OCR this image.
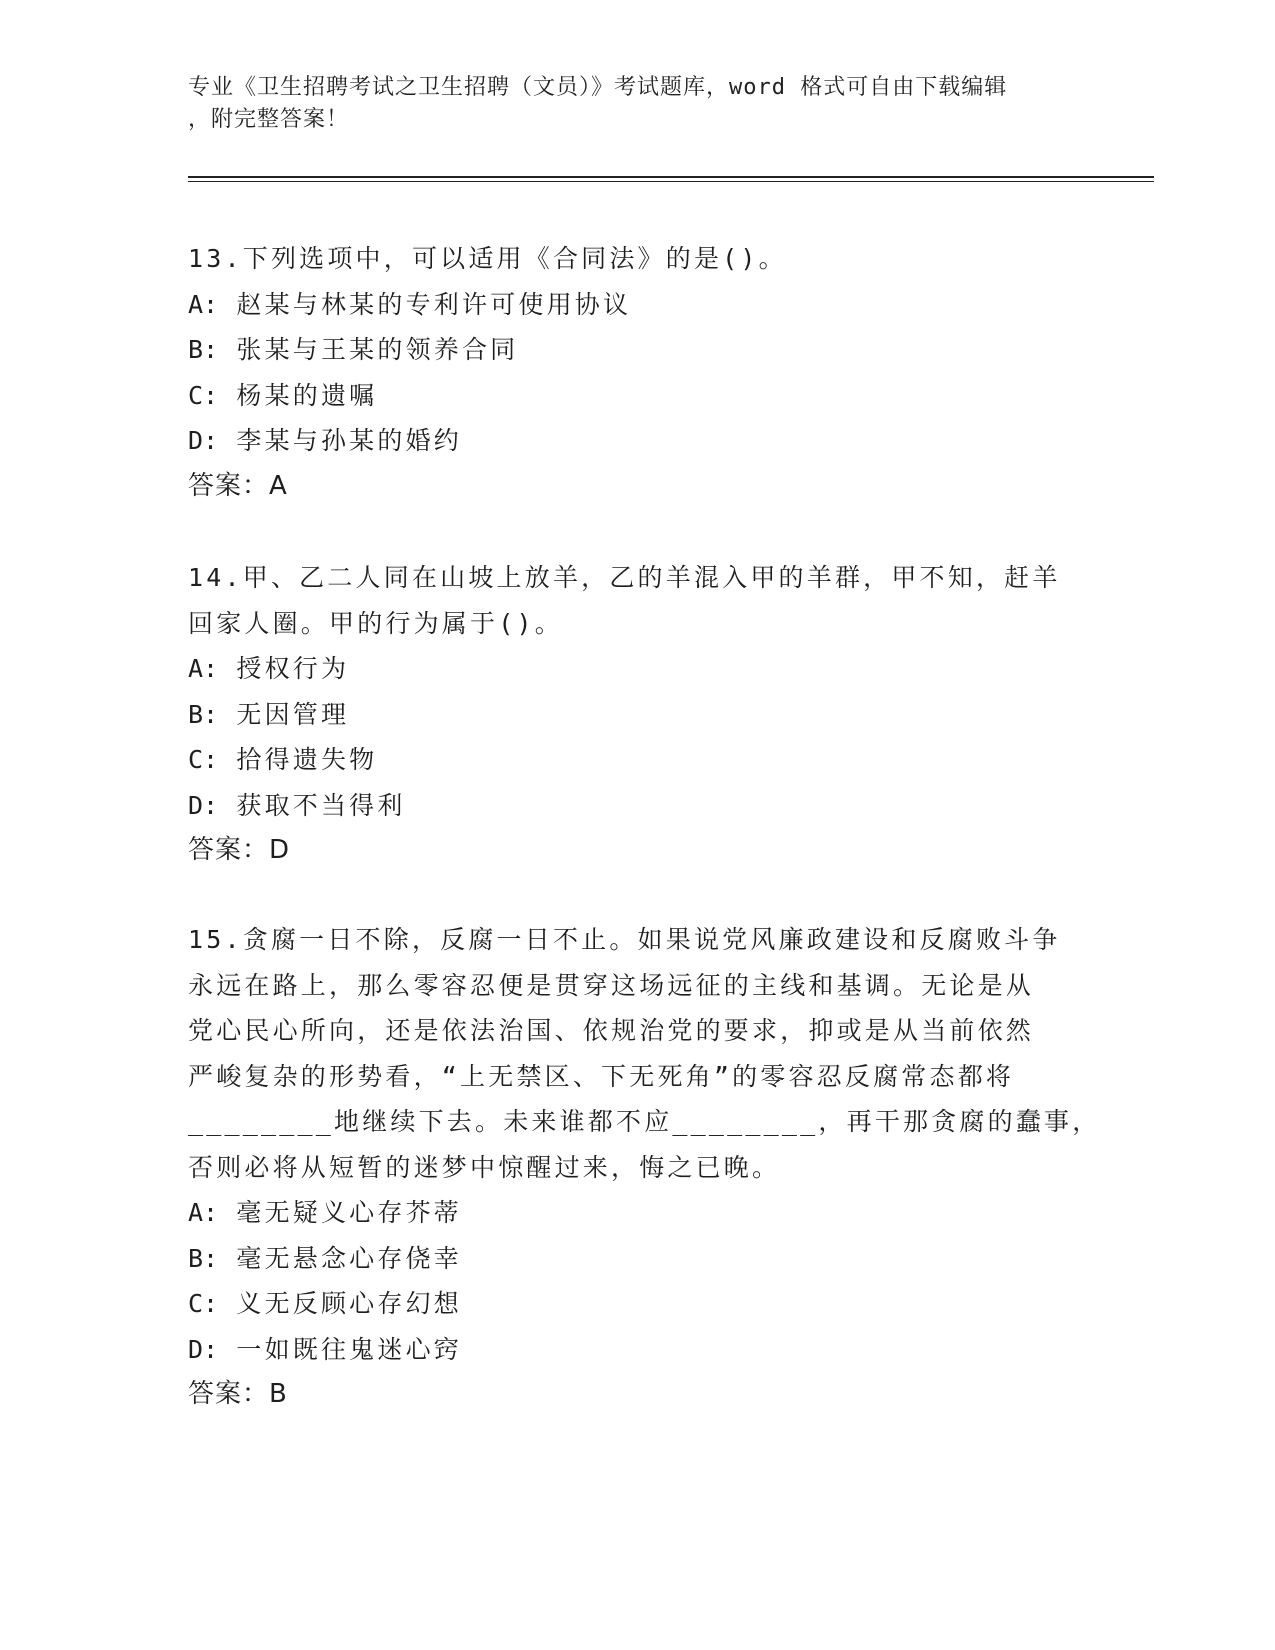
专业《卫生招聘考试之卫生招聘（文员）》考试题库，word 格式可自由下载编辑
，附完整答案！
13.下列选项中，可以适用《合同法》的是()。
A: 赵某与林某的专利许可使用协议
B: 张某与王某的领养合同
C: 杨某的遗嘱
D: 李某与孙某的婚约
答案：A
14.甲、乙二人同在山坡上放羊，乙的羊混入甲的羊群，甲不知，赶羊
回家人圈。甲的行为属于()。
A: 授权行为
B: 无因管理
C: 拾得遗失物
D: 获取不当得利
答案：D
15.贪腐一日不除，反腐一日不止。如果说党风廉政建设和反腐败斗争
永远在路上，那么零容忍便是贯穿这场远征的主线和基调。无论是从
党心民心所向，还是依法治国、依规治党的要求，抑或是从当前依然
严峻复杂的形势看，“上无禁区、下无死角”的零容忍反腐常态都将
________地继续下去。未来谁都不应________，再干那贪腐的蠢事，
否则必将从短暂的迷梦中惊醒过来，悔之已晚。
A: 毫无疑义心存芥蒂
B: 毫无悬念心存侥幸
C: 义无反顾心存幻想
D: 一如既往鬼迷心窍
答案：B
